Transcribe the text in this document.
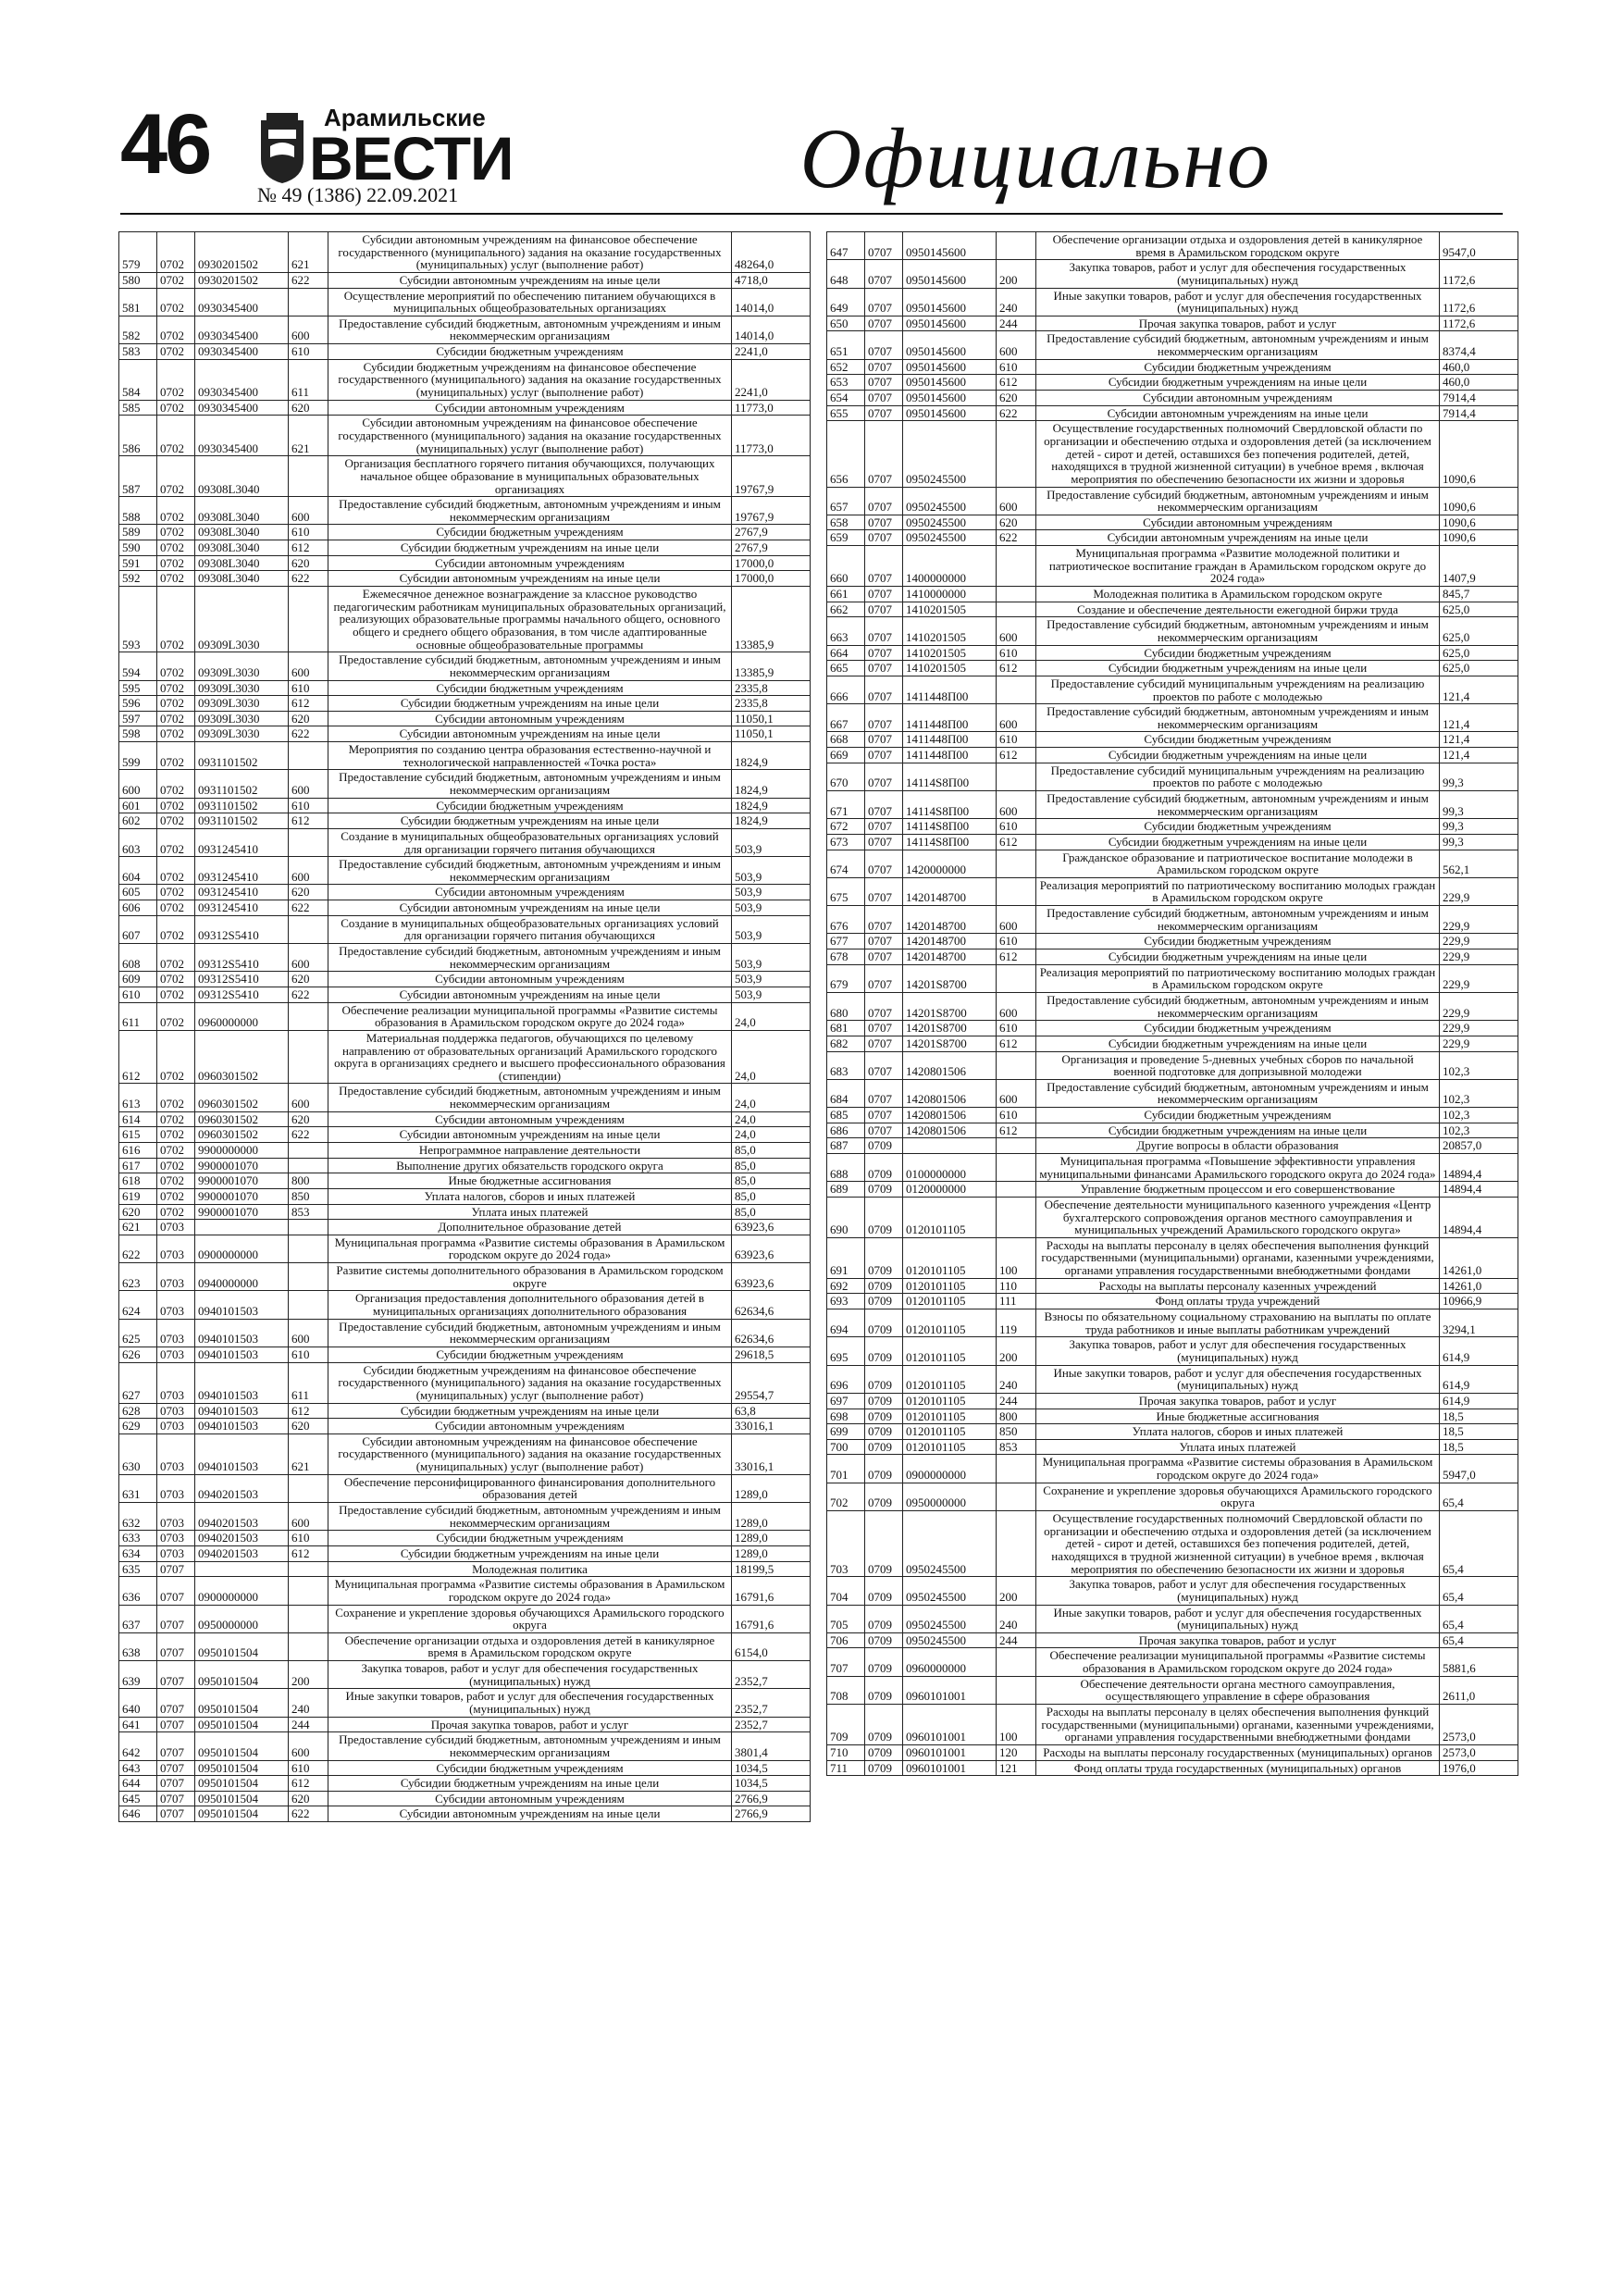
46	Арамильские
ВЕСТИ
№ 49 (1386) 22.09.2021	Официально
579	0702	0930201502	621	Субсидии автономным учреждениям на финансовое обеспечение государственного (муниципального) задания на оказание государственных (муниципальных) услуг (выполнение работ)	48264,0
580	0702	0930201502	622	Субсидии автономным учреждениям на иные цели	4718,0
581	0702	0930345400		Осуществление мероприятий по обеспечению питанием обучающихся в муниципальных общеобразовательных организациях	14014,0
582	0702	0930345400	600	Предоставление субсидий бюджетным, автономным учреждениям и иным некоммерческим организациям	14014,0
583	0702	0930345400	610	Субсидии бюджетным учреждениям	2241,0
584	0702	0930345400	611	Субсидии бюджетным учреждениям на финансовое обеспечение государственного (муниципального) задания на оказание государственных (муниципальных) услуг (выполнение работ)	2241,0
585	0702	0930345400	620	Субсидии автономным учреждениям	11773,0
586	0702	0930345400	621	Субсидии автономным учреждениям на финансовое обеспечение государственного (муниципального) задания на оказание государственных (муниципальных) услуг (выполнение работ)	11773,0
587	0702	09308L3040		Организация бесплатного горячего питания обучающихся, получающих начальное общее образование в муниципальных образовательных организациях	19767,9
588	0702	09308L3040	600	Предоставление субсидий бюджетным, автономным учреждениям и иным некоммерческим организациям	19767,9
589	0702	09308L3040	610	Субсидии бюджетным учреждениям	2767,9
590	0702	09308L3040	612	Субсидии бюджетным учреждениям на иные цели	2767,9
591	0702	09308L3040	620	Субсидии автономным учреждениям	17000,0
592	0702	09308L3040	622	Субсидии автономным учреждениям на иные цели	17000,0
593	0702	09309L3030		Ежемесячное денежное вознаграждение за классное руководство педагогическим работникам муниципальных образовательных организаций, реализующих образовательные программы начального общего, основного общего и среднего общего образования, в том числе адаптированные основные общеобразовательные программы	13385,9
594	0702	09309L3030	600	Предоставление субсидий бюджетным, автономным учреждениям и иным некоммерческим организациям	13385,9
595	0702	09309L3030	610	Субсидии бюджетным учреждениям	2335,8
596	0702	09309L3030	612	Субсидии бюджетным учреждениям на иные цели	2335,8
597	0702	09309L3030	620	Субсидии автономным учреждениям	11050,1
598	0702	09309L3030	622	Субсидии автономным учреждениям на иные цели	11050,1
599	0702	0931101502		Мероприятия по созданию центра образования естественно-научной и технологической направленностей «Точка роста»	1824,9
600	0702	0931101502	600	Предоставление субсидий бюджетным, автономным учреждениям и иным некоммерческим организациям	1824,9
601	0702	0931101502	610	Субсидии бюджетным учреждениям	1824,9
602	0702	0931101502	612	Субсидии бюджетным учреждениям на иные цели	1824,9
603	0702	0931245410		Создание в муниципальных общеобразовательных организациях условий для организации горячего питания обучающихся	503,9
604	0702	0931245410	600	Предоставление субсидий бюджетным, автономным учреждениям и иным некоммерческим организациям	503,9
605	0702	0931245410	620	Субсидии автономным учреждениям	503,9
606	0702	0931245410	622	Субсидии автономным учреждениям на иные цели	503,9
607	0702	09312S5410		Создание в муниципальных общеобразовательных организациях условий для организации горячего питания обучающихся	503,9
608	0702	09312S5410	600	Предоставление субсидий бюджетным, автономным учреждениям и иным некоммерческим организациям	503,9
609	0702	09312S5410	620	Субсидии автономным учреждениям	503,9
610	0702	09312S5410	622	Субсидии автономным учреждениям на иные цели	503,9
611	0702	0960000000		Обеспечение реализации муниципальной программы «Развитие системы образования в Арамильском городском округе до 2024 года»	24,0
612	0702	0960301502		Материальная поддержка педагогов, обучающихся по целевому направлению от образовательных организаций Арамильского городского округа в организациях среднего и высшего профессионального образования (стипендии)	24,0
613	0702	0960301502	600	Предоставление субсидий бюджетным, автономным учреждениям и иным некоммерческим организациям	24,0
614	0702	0960301502	620	Субсидии автономным учреждениям	24,0
615	0702	0960301502	622	Субсидии автономным учреждениям на иные цели	24,0
616	0702	9900000000		Непрограммное направление деятельности	85,0
617	0702	9900001070		Выполнение других обязательств городского округа	85,0
618	0702	9900001070	800	Иные бюджетные ассигнования	85,0
619	0702	9900001070	850	Уплата налогов, сборов и иных платежей	85,0
620	0702	9900001070	853	Уплата иных платежей	85,0
621	0703			Дополнительное образование детей	63923,6
622	0703	0900000000		Муниципальная программа «Развитие системы образования в Арамильском городском округе до 2024 года»	63923,6
623	0703	0940000000		Развитие системы дополнительного образования в Арамильском городском округе	63923,6
624	0703	0940101503		Организация предоставления дополнительного образования детей в муниципальных организациях дополнительного образования	62634,6
625	0703	0940101503	600	Предоставление субсидий бюджетным, автономным учреждениям и иным некоммерческим организациям	62634,6
626	0703	0940101503	610	Субсидии бюджетным учреждениям	29618,5
627	0703	0940101503	611	Субсидии бюджетным учреждениям на финансовое обеспечение государственного (муниципального) задания на оказание государственных (муниципальных) услуг (выполнение работ)	29554,7
628	0703	0940101503	612	Субсидии бюджетным учреждениям на иные цели	63,8
629	0703	0940101503	620	Субсидии автономным учреждениям	33016,1
630	0703	0940101503	621	Субсидии автономным учреждениям на финансовое обеспечение государственного (муниципального) задания на оказание государственных (муниципальных) услуг (выполнение работ)	33016,1
631	0703	0940201503		Обеспечение персонифицированного финансирования дополнительного образования детей	1289,0
632	0703	0940201503	600	Предоставление субсидий бюджетным, автономным учреждениям и иным некоммерческим организациям	1289,0
633	0703	0940201503	610	Субсидии бюджетным учреждениям	1289,0
634	0703	0940201503	612	Субсидии бюджетным учреждениям на иные цели	1289,0
635	0707			Молодежная политика	18199,5
636	0707	0900000000		Муниципальная программа «Развитие системы образования в Арамильском городском округе до 2024 года»	16791,6
637	0707	0950000000		Сохранение и укрепление здоровья обучающихся Арамильского городского округа	16791,6
638	0707	0950101504		Обеспечение организации отдыха и оздоровления детей в каникулярное время в Арамильском городском округе	6154,0
639	0707	0950101504	200	Закупка товаров, работ и услуг для обеспечения государственных (муниципальных) нужд	2352,7
640	0707	0950101504	240	Иные закупки товаров, работ и услуг для обеспечения государственных (муниципальных) нужд	2352,7
641	0707	0950101504	244	Прочая закупка товаров, работ и услуг	2352,7
642	0707	0950101504	600	Предоставление субсидий бюджетным, автономным учреждениям и иным некоммерческим организациям	3801,4
643	0707	0950101504	610	Субсидии бюджетным учреждениям	1034,5
644	0707	0950101504	612	Субсидии бюджетным учреждениям на иные цели	1034,5
645	0707	0950101504	620	Субсидии автономным учреждениям	2766,9
646	0707	0950101504	622	Субсидии автономным учреждениям на иные цели	2766,9
647	0707	0950145600		Обеспечение организации отдыха и оздоровления детей в каникулярное время в Арамильском городском округе	9547,0
648	0707	0950145600	200	Закупка товаров, работ и услуг для обеспечения государственных (муниципальных) нужд	1172,6
649	0707	0950145600	240	Иные закупки товаров, работ и услуг для обеспечения государственных (муниципальных) нужд	1172,6
650	0707	0950145600	244	Прочая закупка товаров, работ и услуг	1172,6
651	0707	0950145600	600	Предоставление субсидий бюджетным, автономным учреждениям и иным некоммерческим организациям	8374,4
652	0707	0950145600	610	Субсидии бюджетным учреждениям	460,0
653	0707	0950145600	612	Субсидии бюджетным учреждениям на иные цели	460,0
654	0707	0950145600	620	Субсидии автономным учреждениям	7914,4
655	0707	0950145600	622	Субсидии автономным учреждениям на иные цели	7914,4
656	0707	0950245500		Осуществление государственных полномочий Свердловской области по организации и обеспечению отдыха и оздоровления детей (за исключением детей - сирот и детей, оставшихся без попечения родителей, детей, находящихся в трудной жизненной ситуации) в учебное время , включая мероприятия по обеспечению безопасности их жизни и здоровья	1090,6
657	0707	0950245500	600	Предоставление субсидий бюджетным, автономным учреждениям и иным некоммерческим организациям	1090,6
658	0707	0950245500	620	Субсидии автономным учреждениям	1090,6
659	0707	0950245500	622	Субсидии автономным учреждениям на иные цели	1090,6
660	0707	1400000000		Муниципальная программа «Развитие молодежной политики и патриотическое воспитание граждан в Арамильском городском округе до 2024 года»	1407,9
661	0707	1410000000		Молодежная политика в Арамильском городском округе	845,7
662	0707	1410201505		Создание и обеспечение деятельности ежегодной биржи труда	625,0
663	0707	1410201505	600	Предоставление субсидий бюджетным, автономным учреждениям и иным некоммерческим организациям	625,0
664	0707	1410201505	610	Субсидии бюджетным учреждениям	625,0
665	0707	1410201505	612	Субсидии бюджетным учреждениям на иные цели	625,0
666	0707	1411448П00		Предоставление субсидий муниципальным учреждениям на реализацию проектов по работе с молодежью	121,4
667	0707	1411448П00	600	Предоставление субсидий бюджетным, автономным учреждениям и иным некоммерческим организациям	121,4
668	0707	1411448П00	610	Субсидии бюджетным учреждениям	121,4
669	0707	1411448П00	612	Субсидии бюджетным учреждениям на иные цели	121,4
670	0707	14114S8П00		Предоставление субсидий муниципальным учреждениям на реализацию проектов по работе с молодежью	99,3
671	0707	14114S8П00	600	Предоставление субсидий бюджетным, автономным учреждениям и иным некоммерческим организациям	99,3
672	0707	14114S8П00	610	Субсидии бюджетным учреждениям	99,3
673	0707	14114S8П00	612	Субсидии бюджетным учреждениям на иные цели	99,3
674	0707	1420000000		Гражданское образование и патриотическое воспитание молодежи в Арамильском городском округе	562,1
675	0707	1420148700		Реализация мероприятий по патриотическому воспитанию молодых граждан в Арамильском городском округе	229,9
676	0707	1420148700	600	Предоставление субсидий бюджетным, автономным учреждениям и иным некоммерческим организациям	229,9
677	0707	1420148700	610	Субсидии бюджетным учреждениям	229,9
678	0707	1420148700	612	Субсидии бюджетным учреждениям на иные цели	229,9
679	0707	14201S8700		Реализация мероприятий по патриотическому воспитанию молодых граждан в Арамильском городском округе	229,9
680	0707	14201S8700	600	Предоставление субсидий бюджетным, автономным учреждениям и иным некоммерческим организациям	229,9
681	0707	14201S8700	610	Субсидии бюджетным учреждениям	229,9
682	0707	14201S8700	612	Субсидии бюджетным учреждениям на иные цели	229,9
683	0707	1420801506		Организация и проведение 5-дневных учебных сборов по начальной военной подготовке для допризывной молодежи	102,3
684	0707	1420801506	600	Предоставление субсидий бюджетным, автономным учреждениям и иным некоммерческим организациям	102,3
685	0707	1420801506	610	Субсидии бюджетным учреждениям	102,3
686	0707	1420801506	612	Субсидии бюджетным учреждениям на иные цели	102,3
687	0709			Другие вопросы в области образования	20857,0
688	0709	0100000000		Муниципальная программа «Повышение эффективности управления муниципальными финансами Арамильского городского округа до 2024 года»	14894,4
689	0709	0120000000		Управление бюджетным процессом и его совершенствование	14894,4
690	0709	0120101105		Обеспечение деятельности муниципального казенного учреждения «Центр бухгалтерского сопровождения органов местного самоуправления и муниципальных учреждений Арамильского городского округа»	14894,4
691	0709	0120101105	100	Расходы на выплаты персоналу в целях обеспечения выполнения функций государственными (муниципальными) органами, казенными учреждениями, органами управления государственными внебюджетными фондами	14261,0
692	0709	0120101105	110	Расходы на выплаты персоналу казенных учреждений	14261,0
693	0709	0120101105	111	Фонд оплаты труда учреждений	10966,9
694	0709	0120101105	119	Взносы по обязательному социальному страхованию на выплаты по оплате труда работников и иные выплаты работникам учреждений	3294,1
695	0709	0120101105	200	Закупка товаров, работ и услуг для обеспечения государственных (муниципальных) нужд	614,9
696	0709	0120101105	240	Иные закупки товаров, работ и услуг для обеспечения государственных (муниципальных) нужд	614,9
697	0709	0120101105	244	Прочая закупка товаров, работ и услуг	614,9
698	0709	0120101105	800	Иные бюджетные ассигнования	18,5
699	0709	0120101105	850	Уплата налогов, сборов и иных платежей	18,5
700	0709	0120101105	853	Уплата иных платежей	18,5
701	0709	0900000000		Муниципальная программа «Развитие системы образования в Арамильском городском округе до 2024 года»	5947,0
702	0709	0950000000		Сохранение и укрепление здоровья обучающихся Арамильского городского округа	65,4
703	0709	0950245500		Осуществление государственных полномочий Свердловской области по организации и обеспечению отдыха и оздоровления детей (за исключением детей - сирот и детей, оставшихся без попечения родителей, детей, находящихся в трудной жизненной ситуации) в учебное время , включая мероприятия по обеспечению безопасности их жизни и здоровья	65,4
704	0709	0950245500	200	Закупка товаров, работ и услуг для обеспечения государственных (муниципальных) нужд	65,4
705	0709	0950245500	240	Иные закупки товаров, работ и услуг для обеспечения государственных (муниципальных) нужд	65,4
706	0709	0950245500	244	Прочая закупка товаров, работ и услуг	65,4
707	0709	0960000000		Обеспечение реализации муниципальной программы «Развитие системы образования в Арамильском городском округе до 2024 года»	5881,6
708	0709	0960101001		Обеспечение деятельности органа местного самоуправления, осуществляющего управление в сфере образования	2611,0
709	0709	0960101001	100	Расходы на выплаты персоналу в целях обеспечения выполнения функций государственными (муниципальными) органами, казенными учреждениями, органами управления государственными внебюджетными фондами	2573,0
710	0709	0960101001	120	Расходы на выплаты персоналу государственных (муниципальных) органов	2573,0
711	0709	0960101001	121	Фонд оплаты труда государственных (муниципальных) органов	1976,0
